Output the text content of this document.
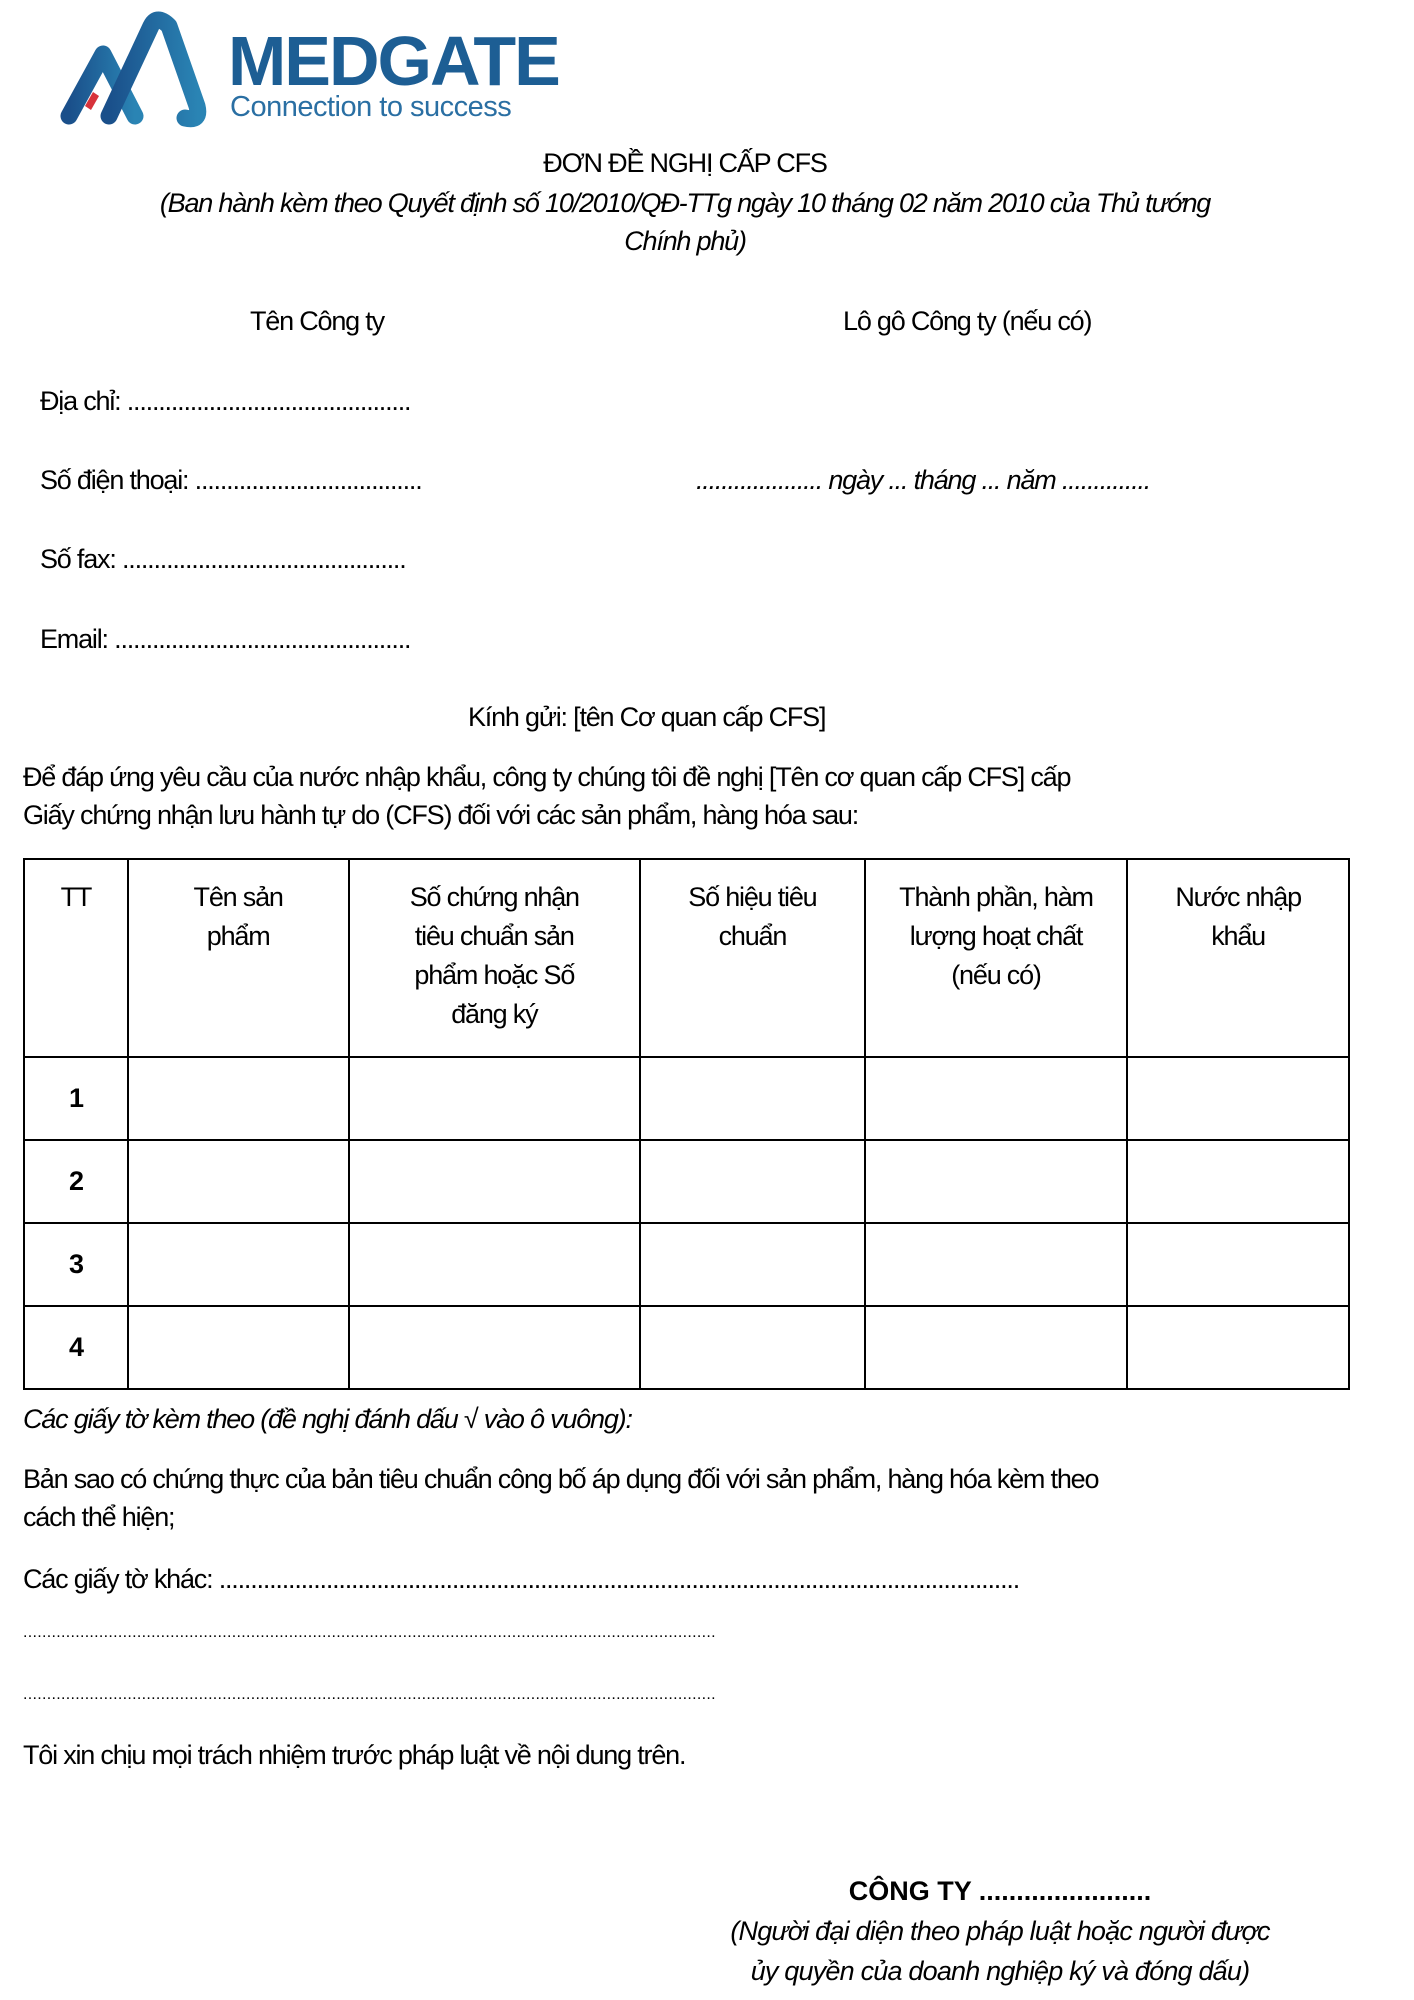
MEDGATE
Connection to success
ĐƠN ĐỀ NGHỊ CẤP CFS
(Ban hành kèm theo Quyết định số 10/2010/QĐ-TTg ngày 10 tháng 02 năm 2010 của Thủ tướng
Chính phủ)
Tên Công ty	Lô gô Công ty (nếu có)
Địa chỉ: .............................................
Số điện thoại: ....................................	.................... ngày ... tháng ... năm ..............
Số fax: .............................................
Email: ...............................................
Kính gửi: [tên Cơ quan cấp CFS]
Để đáp ứng yêu cầu của nước nhập khẩu, công ty chúng tôi đề nghị [Tên cơ quan cấp CFS] cấp
Giấy chứng nhận lưu hành tự do (CFS) đối với các sản phẩm, hàng hóa sau:
TT	Tên sản phẩm	Số chứng nhận tiêu chuẩn sản phẩm hoặc Số đăng ký	Số hiệu tiêu chuẩn	Thành phần, hàm lượng hoạt chất (nếu có)	Nước nhập khẩu
1					
2					
3					
4					
Các giấy tờ kèm theo (đề nghị đánh dấu √ vào ô vuông):
Bản sao có chứng thực của bản tiêu chuẩn công bố áp dụng đối với sản phẩm, hàng hóa kèm theo
cách thể hiện;
Các giấy tờ khác: ...............................................................................................................................
..................................................................................................................................................
..................................................................................................................................................
Tôi xin chịu mọi trách nhiệm trước pháp luật về nội dung trên.
CÔNG TY .......................
(Người đại diện theo pháp luật hoặc người được
ủy quyền của doanh nghiệp ký và đóng dấu)
